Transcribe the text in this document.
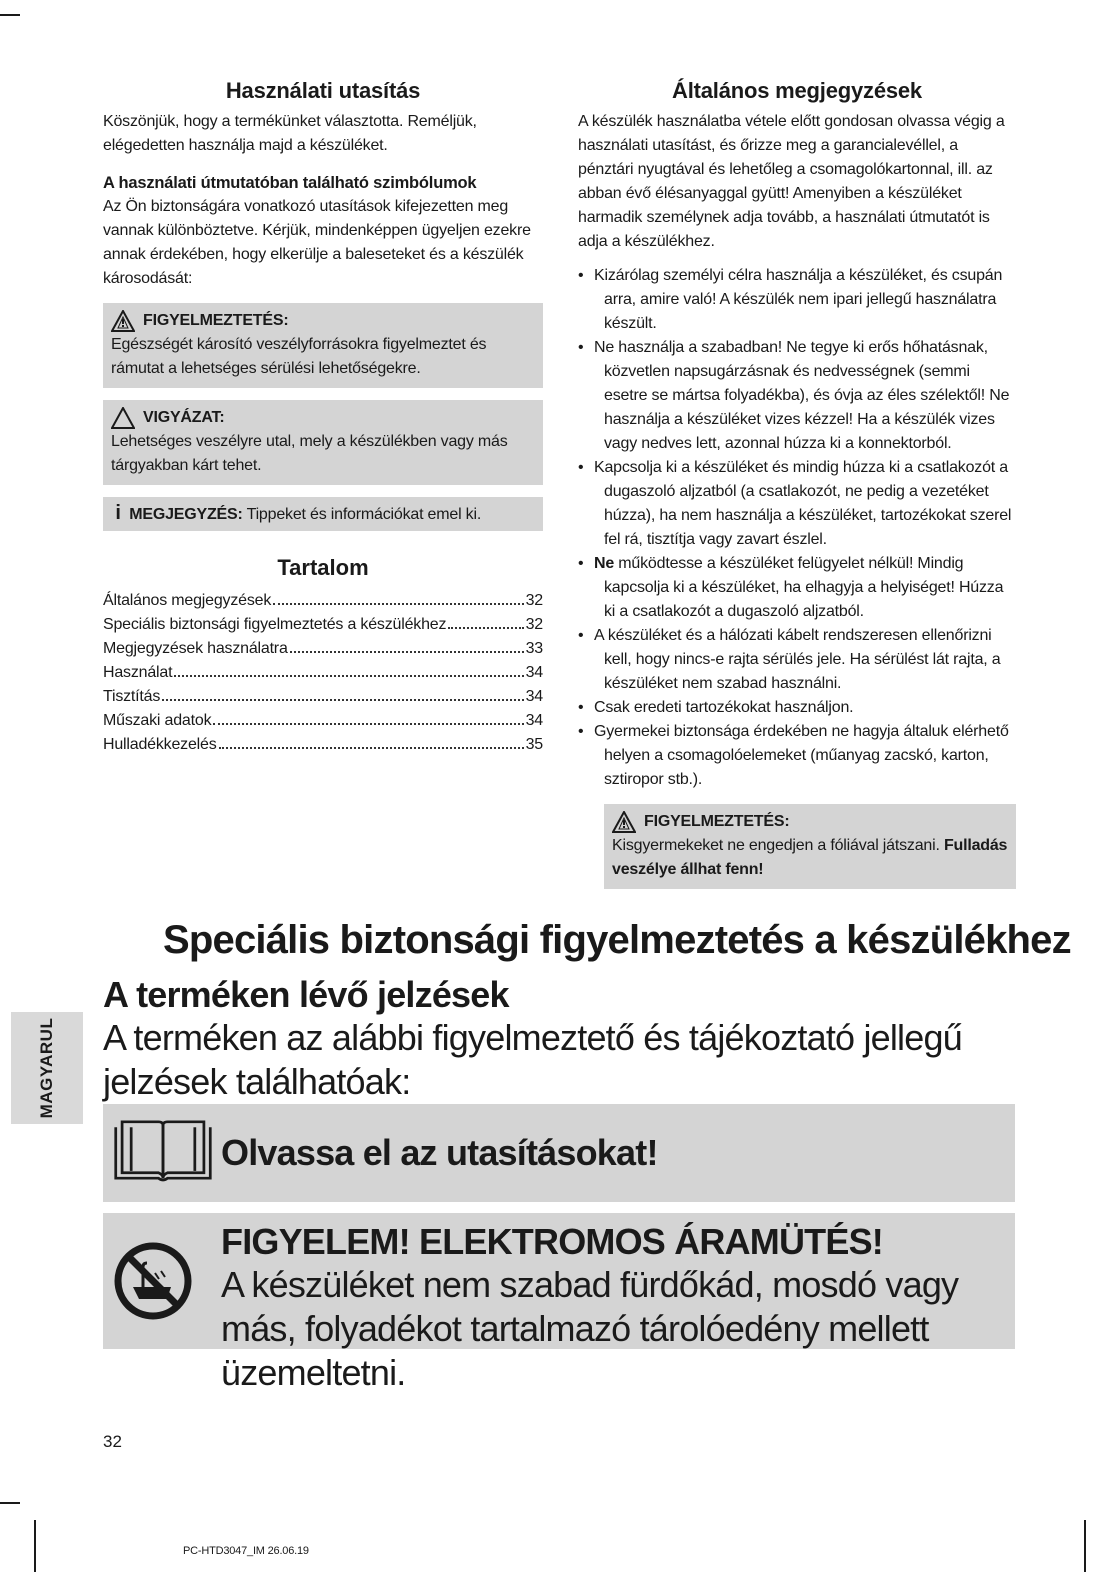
Használati utasítás

Köszönjük, hogy a termékünket választotta. Reméljük, elégedetten használja majd a készüléket.

A használati útmutatóban található szimbólumok

Az Ön biztonságára vonatkozó utasítások kifejezetten meg vannak különböztetve. Kérjük, mindenképpen ügyeljen ezekre annak érdekében, hogy elkerülje a baleseteket és a készülék károsodását:

FIGYELMEZTETÉS:
Egészségét károsító veszélyforrásokra figyelmeztet és rámutat a lehetséges sérülési lehetőségekre.
VIGYÁZAT:
Lehetséges veszélyre utal, mely a készülékben vagy más tárgyakban kárt tehet.
i MEGJEGYZÉS: Tippeket és információkat emel ki.
Tartalom
Általános megjegyzések	32
Speciális biztonsági figyelmeztetés a készülékhez	32
Megjegyzések használatra	33
Használat	34
Tisztítás	34
Műszaki adatok	34
Hulladékkezelés	35
Általános megjegyzések

A készülék használatba vétele előtt gondosan olvassa végig a használati utasítást, és őrizze meg a garancialevéllel, a pénztári nyugtával és lehetőleg a csomagolókartonnal, ill. az abban évő élésanyaggal gyütt! Amenyiben a készüléket harmadik személynek adja tovább, a használati útmutatót is adja a készülékhez.

• Kizárólag személyi célra használja a készüléket, és csupán arra, amire való! A készülék nem ipari jellegű használatra készült.
• Ne használja a szabadban! Ne tegye ki erős hőhatásnak, közvetlen napsugárzásnak és nedvességnek (semmi esetre se mártsa folyadékba), és óvja az éles szélektől! Ne használja a készüléket vizes kézzel! Ha a készülék vizes vagy nedves lett, azonnal húzza ki a konnektorból.
• Kapcsolja ki a készüléket és mindig húzza ki a csatlakozót a dugaszoló aljzatból (a csatlakozót, ne pedig a vezetéket húzza), ha nem használja a készüléket, tartozékokat szerel fel rá, tisztítja vagy zavart észlel.
• Ne működtesse a készüléket felügyelet nélkül! Mindig kapcsolja ki a készüléket, ha elhagyja a helyiséget! Húzza ki a csatlakozót a dugaszoló aljzatból.
• A készüléket és a hálózati kábelt rendszeresen ellenőrizni kell, hogy nincs-e rajta sérülés jele. Ha sérülést lát rajta, a készüléket nem szabad használni.
• Csak eredeti tartozékokat használjon.
• Gyermekei biztonsága érdekében ne hagyja általuk elérhető helyen a csomagolóelemeket (műanyag zacskó, karton, sztiropor stb.).
FIGYELMEZTETÉS:
Kisgyermekeket ne engedjen a fóliával játszani. Fulladás veszélye állhat fenn!
Speciális biztonsági figyelmeztetés a készülékhez
A terméken lévő jelzések

A terméken az alábbi figyelmeztető és tájékoztató jellegű jelzések találhatóak:

Olvassa el az utasításokat!
FIGYELEM! ELEKTROMOS ÁRAMÜTÉS!
A készüléket nem szabad fürdőkád, mosdó vagy más, folyadékot tartalmazó tárolóedény mellett üzemeltetni.
MAGYARUL
32
PC-HTD3047_IM 26.06.19
